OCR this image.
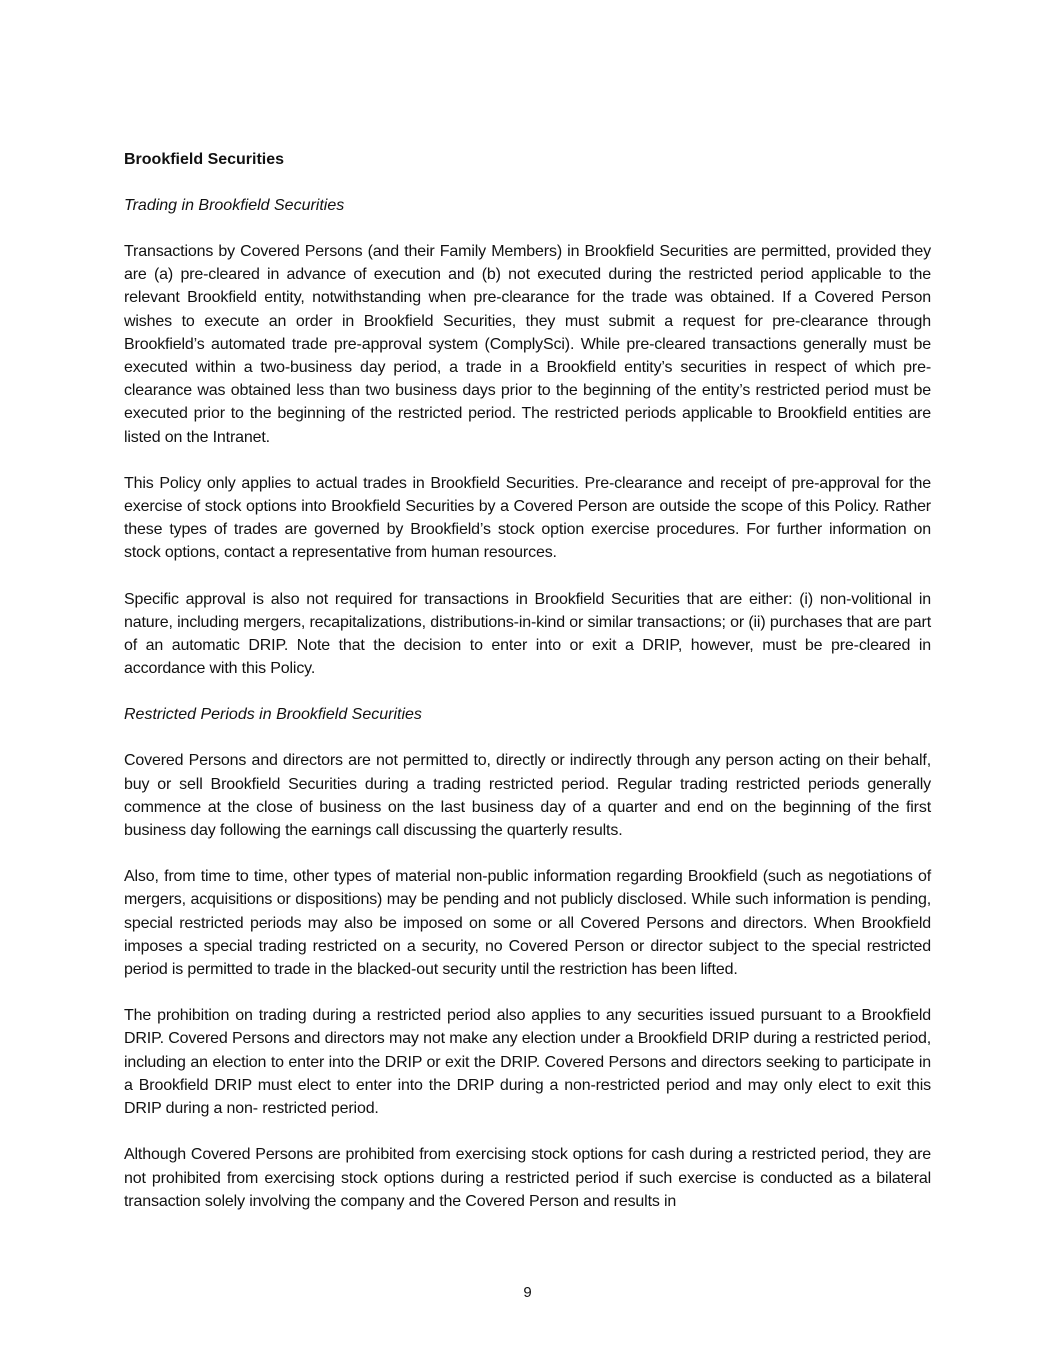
Brookfield Securities
Trading in Brookfield Securities

Transactions by Covered Persons (and their Family Members) in Brookfield Securities are permitted, provided they are (a) pre-cleared in advance of execution and (b) not executed during the restricted period applicable to the relevant Brookfield entity, notwithstanding when pre-clearance for the trade was obtained. If a Covered Person wishes to execute an order in Brookfield Securities, they must submit a request for pre-clearance through Brookfield’s automated trade pre-approval system (ComplySci). While pre-cleared transactions generally must be executed within a two-business day period, a trade in a Brookfield entity’s securities in respect of which pre-clearance was obtained less than two business days prior to the beginning of the entity’s restricted period must be executed prior to the beginning of the restricted period. The restricted periods applicable to Brookfield entities are listed on the Intranet.

This Policy only applies to actual trades in Brookfield Securities. Pre-clearance and receipt of pre-approval for the exercise of stock options into Brookfield Securities by a Covered Person are outside the scope of this Policy. Rather these types of trades are governed by Brookfield’s stock option exercise procedures. For further information on stock options, contact a representative from human resources.

Specific approval is also not required for transactions in Brookfield Securities that are either: (i) non-volitional in nature, including mergers, recapitalizations, distributions-in-kind or similar transactions; or (ii) purchases that are part of an automatic DRIP. Note that the decision to enter into or exit a DRIP, however, must be pre-cleared in accordance with this Policy.

Restricted Periods in Brookfield Securities

Covered Persons and directors are not permitted to, directly or indirectly through any person acting on their behalf, buy or sell Brookfield Securities during a trading restricted period. Regular trading restricted periods generally commence at the close of business on the last business day of a quarter and end on the beginning of the first business day following the earnings call discussing the quarterly results.

Also, from time to time, other types of material non-public information regarding Brookfield (such as negotiations of mergers, acquisitions or dispositions) may be pending and not publicly disclosed. While such information is pending, special restricted periods may also be imposed on some or all Covered Persons and directors. When Brookfield imposes a special trading restricted on a security, no Covered Person or director subject to the special restricted period is permitted to trade in the blacked-out security until the restriction has been lifted.

The prohibition on trading during a restricted period also applies to any securities issued pursuant to a Brookfield DRIP. Covered Persons and directors may not make any election under a Brookfield DRIP during a restricted period, including an election to enter into the DRIP or exit the DRIP. Covered Persons and directors seeking to participate in a Brookfield DRIP must elect to enter into the DRIP during a non-restricted period and may only elect to exit this DRIP during a non- restricted period.

Although Covered Persons are prohibited from exercising stock options for cash during a restricted period, they are not prohibited from exercising stock options during a restricted period if such exercise is conducted as a bilateral transaction solely involving the company and the Covered Person and results in

9
